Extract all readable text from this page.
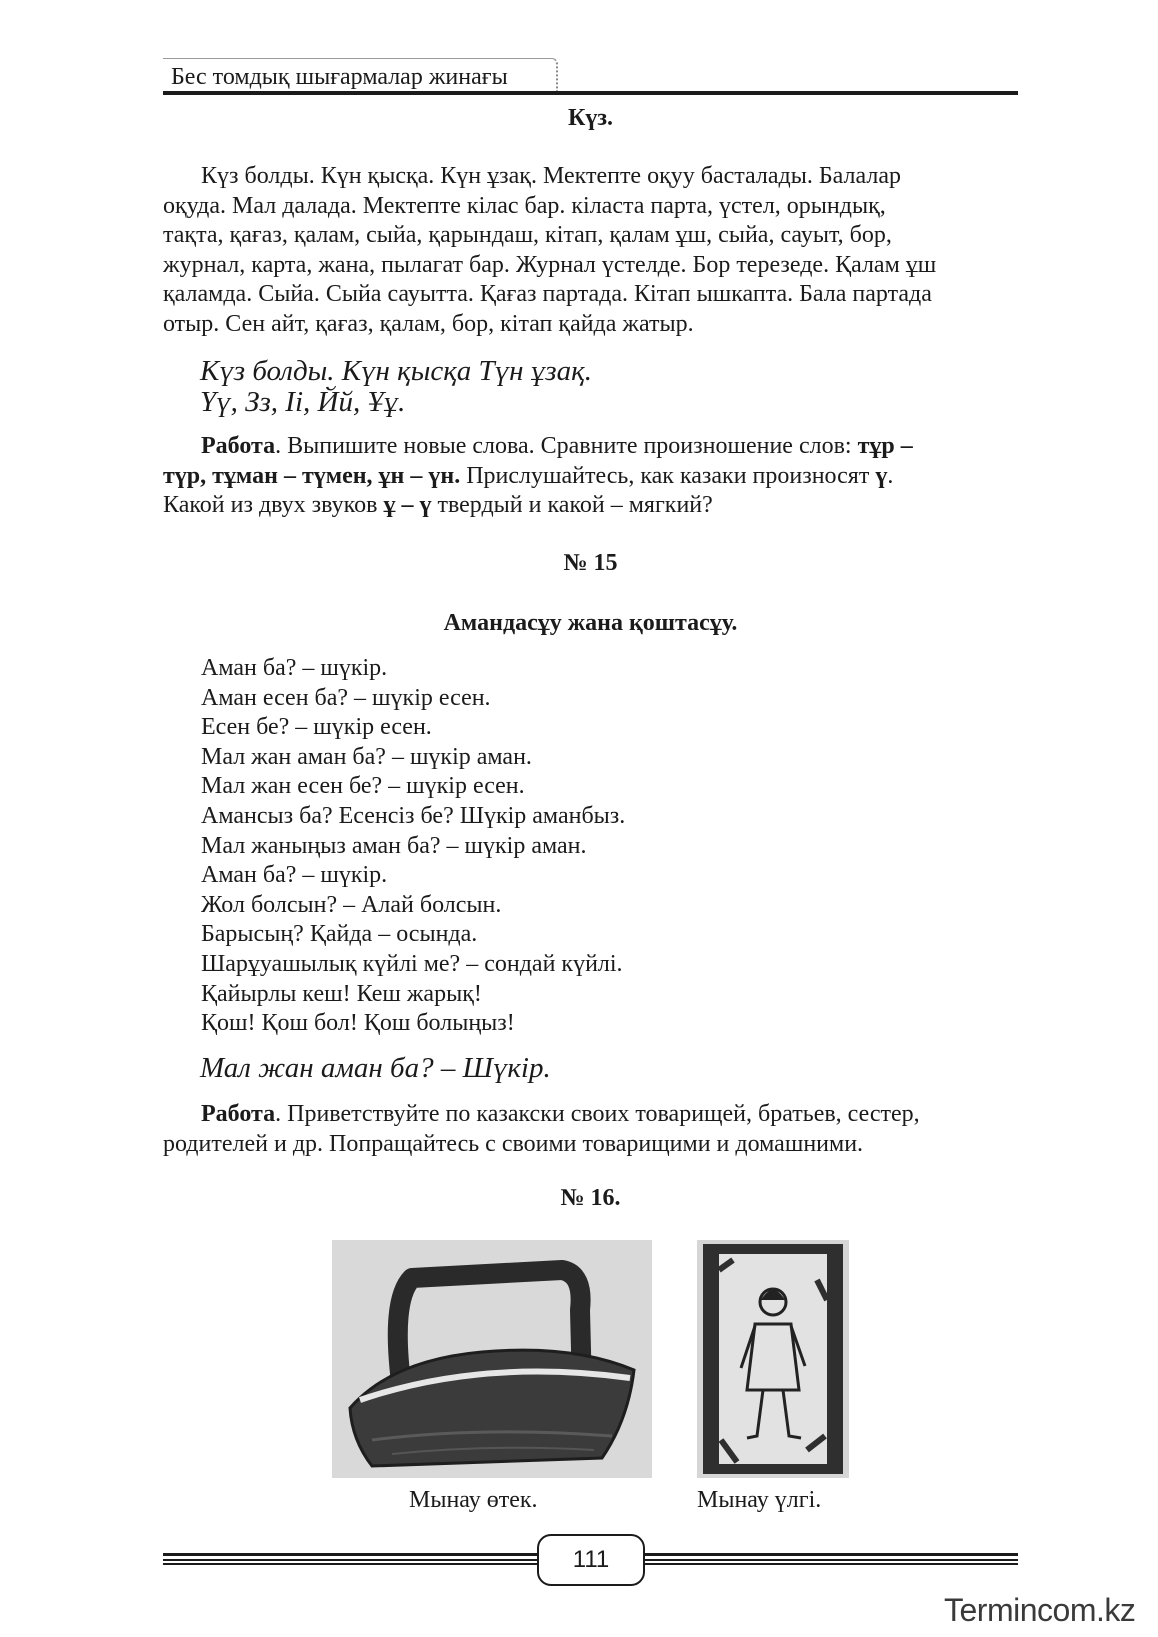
Бес томдық шығармалар жинағы
Күз.
Күз болды. Күн қысқа. Күн ұзақ. Мектепте оқуу басталады. Балалар
оқуда. Мал далада. Мектепте кілас бар. кіласта парта, үстел, орындық,
тақта, қағаз, қалам, сыйа, қарындаш, кітап, қалам ұш, сыйа, сауыт, бор,
журнал, карта, жана, пылагат бар. Журнал үстелде. Бор терезеде. Қалам ұш
қаламда. Сыйа. Сыйа сауытта. Қағаз партада. Кітап ышкапта. Бала партада
отыр. Сен айт, қағаз, қалам, бор, кітап қайда жатыр.
Күз болды. Күн қысқа Түн ұзақ.
Үү, Зз, Іі, Йй, Ұұ.
Работа. Выпишите новые слова. Сравните произношение слов: тұр –
түр, тұман – түмен, ұн – үн. Прислушайтесь, как казаки произносят ү.
Какой из двух звуков ұ – ү твердый и какой – мягкий?
№ 15
Амандасұу жана қоштасұу.
Аман ба? – шүкір.
Аман есен ба? – шүкір есен.
Есен бе? – шүкір есен.
Мал жан аман ба? – шүкір аман.
Мал жан есен бе? – шүкір есен.
Амансыз ба? Есенсіз бе? Шүкір аманбыз.
Мал жаныңыз аман ба? – шүкір аман.
Аман ба? – шүкір.
Жол болсын? – Алай болсын.
Барысың? Қайда – осында.
Шарұуашылық күйлі ме? – сондай күйлі.
Қайырлы кеш! Кеш жарық!
Қош! Қош бол! Қош болыңыз!
Мал жан аман ба? – Шүкір.
Работа. Приветствуйте по казакски своих товарищей, братьев, сестер,
родителей и др. Попращайтесь с своими товарищими и домашними.
№ 16.
Мынау өтек.	Мынау үлгі.
111
Termincom.kz
